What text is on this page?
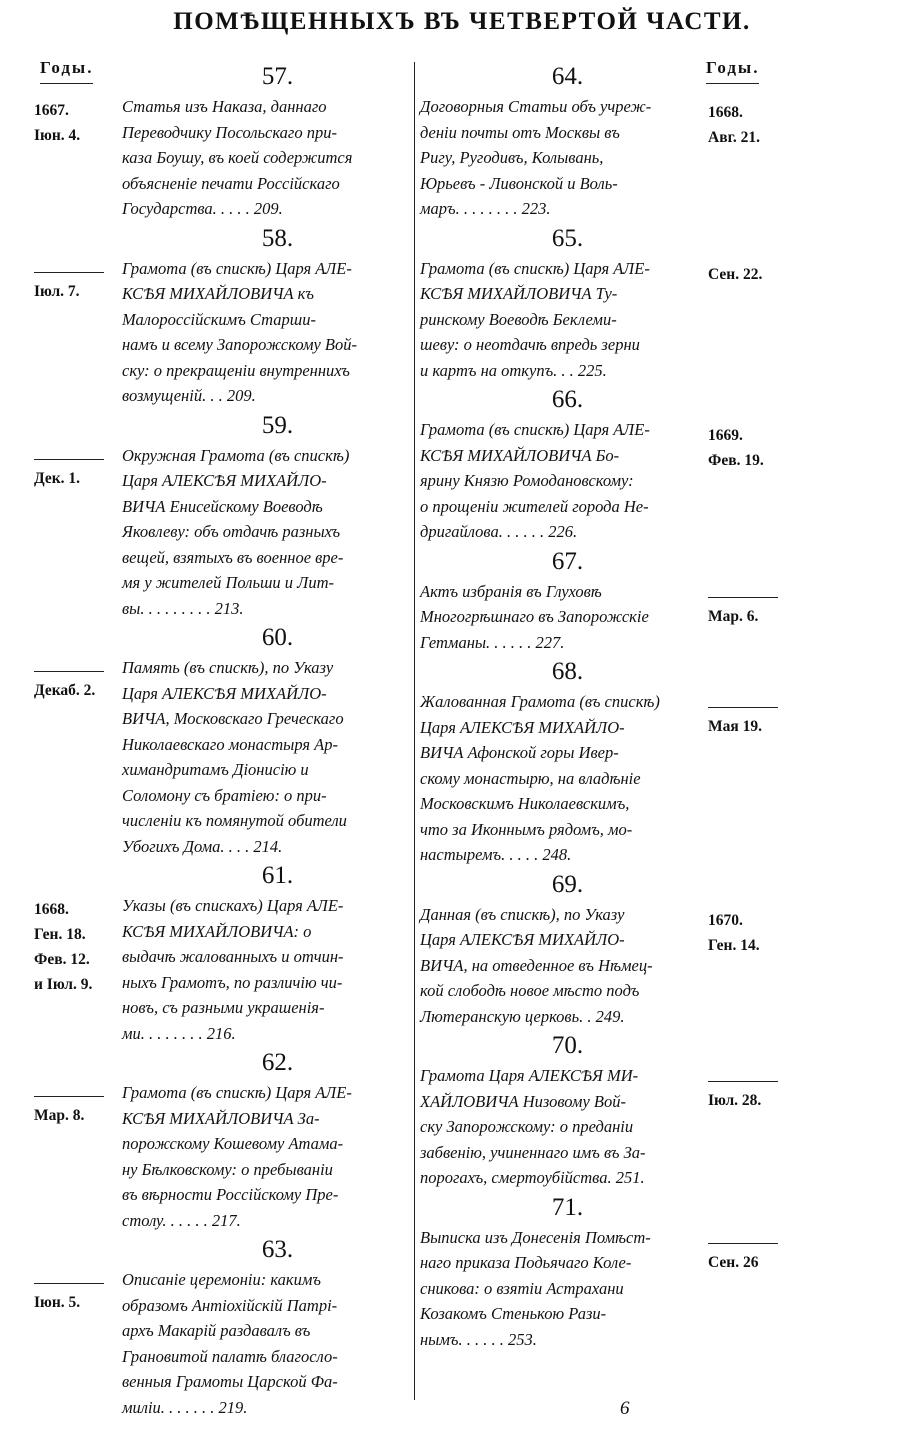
ПОМѢЩЕННЫХЪ ВЪ ЧЕТВЕРТОЙ ЧАСТИ.
Годы.	Годы.
57.
1667.
Іюн. 4.
Статья изъ Наказа, даннаго
Переводчику Посольскаго при-
каза Боушу, въ коей содержится
объясненіе печати Россійскаго
Государства. . . . . 209.
58.
Іюл. 7.
Грамота (въ спискѣ) Царя АЛЕ-
КСѢЯ МИХАЙЛОВИЧА къ
Малороссійскимъ Старши-
намъ и всему Запорожскому Вой-
ску: о прекращеніи внутреннихъ
возмущеній. . . 209.
59.
Дек. 1.
Окружная Грамота (въ спискѣ)
Царя АЛЕКСѢЯ МИХАЙЛО-
ВИЧА Енисейскому Воеводѣ
Яковлеву: объ отдачѣ разныхъ
вещей, взятыхъ въ военное вре-
мя у жителей Польши и Лит-
вы. . . . . . . . . 213.
60.
Декаб. 2.
Память (въ спискѣ), по Указу
Царя АЛЕКСѢЯ МИХАЙЛО-
ВИЧА, Московскаго Греческаго
Николаевскаго монастыря Ар-
химандритамъ Діонисію и
Соломону съ братіею: о при-
численіи къ помянутой обители
Убогихъ Дома. . . . 214.
61.
1668.
Ген. 18.
Фев. 12.
и Іюл. 9.
Указы (въ спискахъ) Царя АЛЕ-
КСѢЯ МИХАЙЛОВИЧА: о
выдачѣ жалованныхъ и отчин-
ныхъ Грамотъ, по различію чи-
новъ, съ разными украшенія-
ми. . . . . . . . 216.
62.
Мар. 8.
Грамота (въ спискѣ) Царя АЛЕ-
КСѢЯ МИХАЙЛОВИЧА За-
порожскому Кошевому Атама-
ну Бѣлковскому: о пребываніи
въ вѣрности Россійскому Пре-
столу. . . . . . 217.
63.
Іюн. 5.
Описаніе церемоніи: какимъ
образомъ Антіохійскій Патрі-
архъ Макарій раздавалъ въ
Грановитой палатѣ благосло-
венныя Грамоты Царской Фа-
миліи. . . . . . . 219.
64.
1668.
Авг. 21.
Договорныя Статьи объ учреж-
деніи почты отъ Москвы въ
Ригу, Ругодивъ, Колывань,
Юрьевъ - Ливонской и Воль-
маръ. . . . . . . . 223.
65.
Сен. 22.
Грамота (въ спискѣ) Царя АЛЕ-
КСѢЯ МИХАЙЛОВИЧА Ту-
ринскому Воеводѣ Беклеми-
шеву: о неотдачѣ впредь зерни
и картъ на откупъ. . . 225.
66.
1669.
Фев. 19.
Грамота (въ спискѣ) Царя АЛЕ-
КСѢЯ МИХАЙЛОВИЧА Бо-
ярину Князю Ромодановскому:
о прощеніи жителей города Не-
дригайлова. . . . . . 226.
67.
Мар. 6.
Актъ избранія въ Глуховѣ
Многогрѣшнаго въ Запорожскіе
Гетманы. . . . . . 227.
68.
Мая 19.
Жалованная Грамота (въ спискѣ)
Царя АЛЕКСѢЯ МИХАЙЛО-
ВИЧА Афонской горы Ивер-
скому монастырю, на владѣніе
Московскимъ Николаевскимъ,
что за Иконнымъ рядомъ, мо-
настыремъ. . . . . 248.
69.
1670.
Ген. 14.
Данная (въ спискѣ), по Указу
Царя АЛЕКСѢЯ МИХАЙЛО-
ВИЧА, на отведенное въ Нѣмец-
кой слободѣ новое мѣсто подъ
Лютеранскую церковь. . 249.
70.
Іюл. 28.
Грамота Царя АЛЕКСѢЯ МИ-
ХАЙЛОВИЧА Низовому Вой-
ску Запорожскому: о преданіи
забвенію, учиненнаго имъ въ За-
порогахъ, смертоубійства. 251.
71.
Сен. 26
Выписка изъ Донесенія Помѣст-
наго приказа Подьячаго Коле-
сникова: о взятіи Астрахани
Козакомъ Стенькою Рази-
нымъ. . . . . . 253.
6
